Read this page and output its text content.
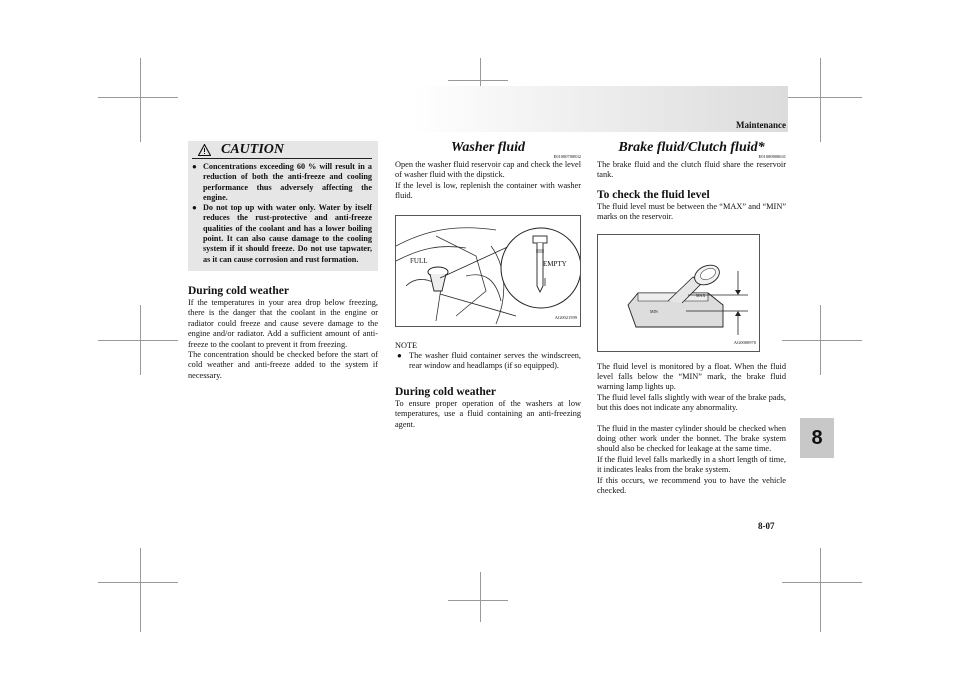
Maintenance
8
8-07
CAUTION
● Concentrations exceeding 60 % will result in a reduction of both the anti-freeze and cooling performance thus adversely affecting the engine.
● Do not top up with water only. Water by itself reduces the rust-protective and anti-freeze qualities of the coolant and has a lower boiling point. It can also cause damage to the cooling system if it should freeze. Do not use tapwater, as it can cause corrosion and rust formation.
During cold weather

If the temperatures in your area drop below freezing, there is the danger that the coolant in the engine or radiator could freeze and cause severe damage to the engine and/or radiator. Add a sufficient amount of anti-freeze to the coolant to prevent it from freezing.

The concentration should be checked before the start of cold weather and anti-freeze added to the system if necessary.

Washer fluid
E01000700832

Open the washer fluid reservoir cap and check the level of washer fluid with the dipstick.

If the level is low, replenish the container with washer fluid.

FULL	EMPTY
AG0021599
NOTE
● The washer fluid container serves the windscreen, rear window and headlamps (if so equipped).
During cold weather

To ensure proper operation of the washers at low temperatures, use a fluid containing an anti-freezing agent.

Brake fluid/Clutch fluid*
E01000800631

The brake fluid and the clutch fluid share the reservoir tank.

To check the fluid level

The fluid level must be between the “MAX” and “MIN” marks on the reservoir.

MAX
MIN
AG0000970

The fluid level is monitored by a float. When the fluid level falls below the “MIN” mark, the brake fluid warning lamp lights up.

The fluid level falls slightly with wear of the brake pads, but this does not indicate any abnormality.

The fluid in the master cylinder should be checked when doing other work under the bonnet. The brake system should also be checked for leakage at the same time.

If the fluid level falls markedly in a short length of time, it indicates leaks from the brake system.

If this occurs, we recommend you to have the vehicle checked.
